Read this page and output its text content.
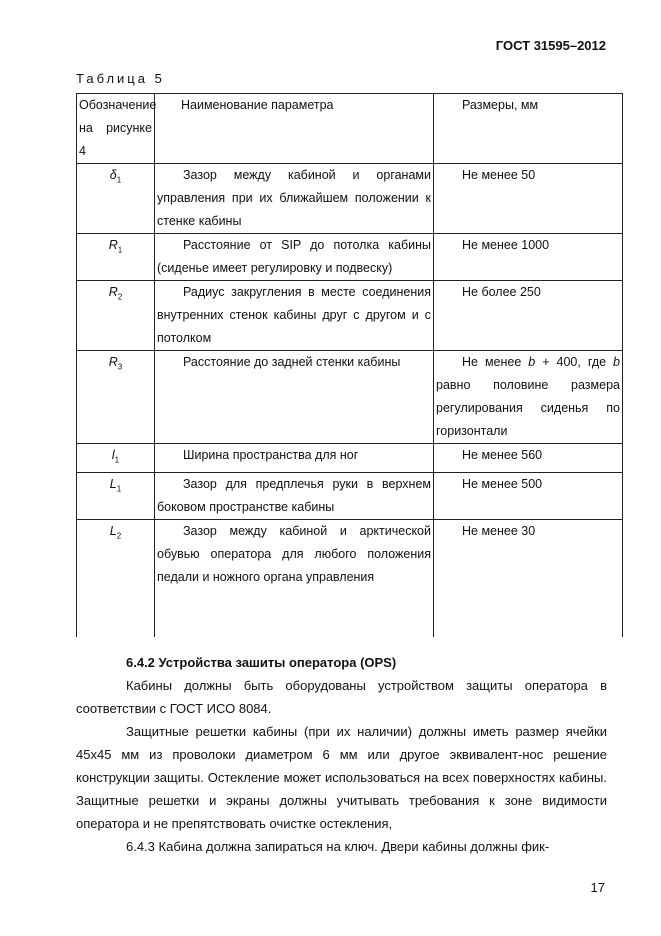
ГОСТ 31595–2012
Таблица 5
Обозначение на рисунке 4	Наименование параметра	Размеры, мм
$\delta_1$	Зазор между кабиной и органами управления при их ближайшем положении к стенке кабины	Не менее 50
$R_1$	Расстояние от SIP до потолка кабины (сиденье имеет регулировку и подвеску)	Не менее 1000
$R_2$	Радиус закругления в месте соединения внутренних стенок кабины друг с другом и с потолком	Не более 250
$R_3$	Расстояние до задней стенки кабины	Не менее b + 400, где b равно половине размера регулирования сиденья по горизонтали
$l_1$	Ширина пространства для ног	Не менее 560
$L_1$	Зазор для предплечья руки в верхнем боковом пространстве кабины	Не менее 500
$L_2$	Зазор между кабиной и арктической обувью оператора для любого положения педали и ножного органа управления	Не менее 30
6.4.2 Устройства зашиты оператора (OPS)

Кабины должны быть оборудованы устройством защиты оператора в соответствии с ГОСТ ИСО 8084.

Защитные решетки кабины (при их наличии) должны иметь размер ячейки 45х45 мм из проволоки диаметром 6 мм или другое эквивалент-нос решение конструкции защиты. Остекление может использоваться на всех поверхностях кабины. Защитные решетки и экраны должны учитывать требования к зоне видимости оператора и не препятствовать очистке остекления,

6.4.3 Кабина должна запираться на ключ. Двери кабины должны фик-

17
